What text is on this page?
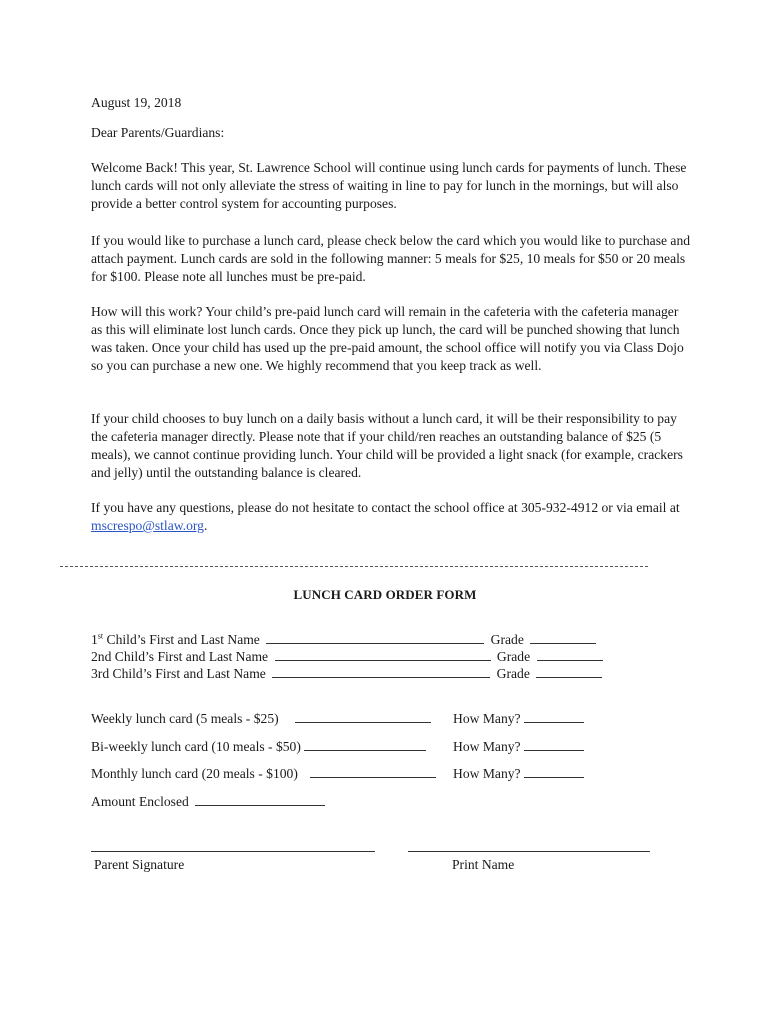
August 19, 2018

Dear Parents/Guardians:

Welcome Back! This year, St. Lawrence School will continue using lunch cards for payments of lunch. These lunch cards will not only alleviate the stress of waiting in line to pay for lunch in the mornings, but will also provide a better control system for accounting purposes.

If you would like to purchase a lunch card, please check below the card which you would like to purchase and attach payment. Lunch cards are sold in the following manner: 5 meals for $25, 10 meals for $50 or 20 meals for $100. Please note all lunches must be pre-paid.

How will this work? Your child’s pre-paid lunch card will remain in the cafeteria with the cafeteria manager as this will eliminate lost lunch cards. Once they pick up lunch, the card will be punched showing that lunch was taken. Once your child has used up the pre-paid amount, the school office will notify you via Class Dojo so you can purchase a new one. We highly recommend that you keep track as well.

If your child chooses to buy lunch on a daily basis without a lunch card, it will be their responsibility to pay the cafeteria manager directly. Please note that if your child/ren reaches an outstanding balance of $25 (5 meals), we cannot continue providing lunch. Your child will be provided a light snack (for example, crackers and jelly) until the outstanding balance is cleared.

If you have any questions, please do not hesitate to contact the school office at 305-932-4912 or via email at mscrespo@stlaw.org.

LUNCH CARD ORDER FORM
1st Child’s First and Last Name	Grade
2nd Child’s First and Last Name	Grade
3rd Child’s First and Last Name	Grade
Weekly lunch card (5 meals - $25)	How Many?
Bi-weekly lunch card (10 meals - $50)	How Many?
Monthly lunch card (20 meals - $100)	How Many?
Amount Enclosed
Parent Signature	Print Name
